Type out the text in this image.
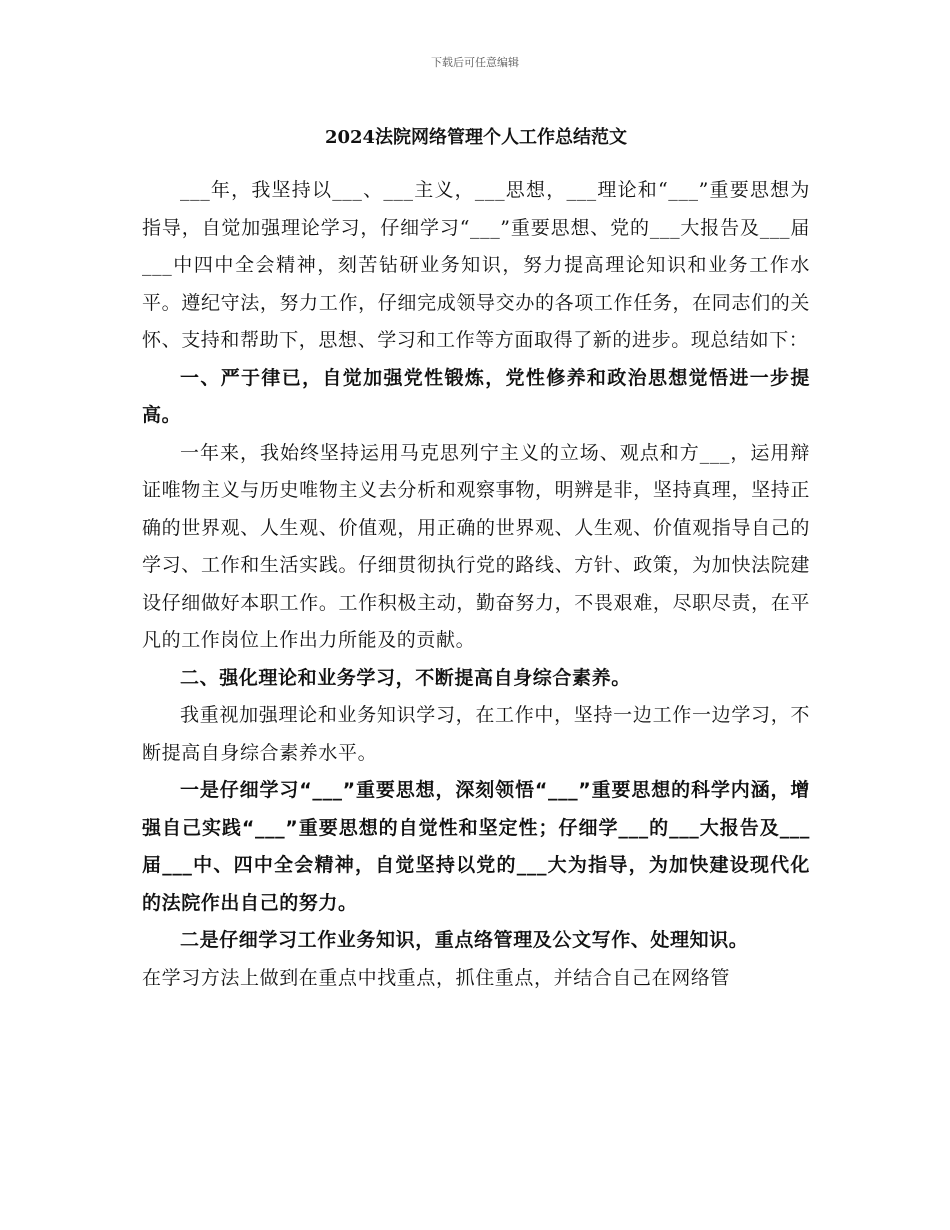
下载后可任意编辑
2024法院网络管理个人工作总结范文

___年，我坚持以___、___主义，___思想，___理论和“___”重要思想为指导，自觉加强理论学习，仔细学习“___”重要思想、党的___大报告及___届___中四中全会精神，刻苦钻研业务知识，努力提高理论知识和业务工作水平。遵纪守法，努力工作，仔细完成领导交办的各项工作任务，在同志们的关怀、支持和帮助下，思想、学习和工作等方面取得了新的进步。现总结如下：

一、严于律已，自觉加强党性锻炼，党性修养和政治思想觉悟进一步提高。

一年来，我始终坚持运用马克思列宁主义的立场、观点和方___，运用辩证唯物主义与历史唯物主义去分析和观察事物，明辨是非，坚持真理，坚持正确的世界观、人生观、价值观，用正确的世界观、人生观、价值观指导自己的学习、工作和生活实践。仔细贯彻执行党的路线、方针、政策，为加快法院建设仔细做好本职工作。工作积极主动，勤奋努力，不畏艰难，尽职尽责，在平凡的工作岗位上作出力所能及的贡献。

二、强化理论和业务学习，不断提高自身综合素养。

我重视加强理论和业务知识学习，在工作中，坚持一边工作一边学习，不断提高自身综合素养水平。

一是仔细学习“___”重要思想，深刻领悟“___”重要思想的科学内涵，增强自己实践“___”重要思想的自觉性和坚定性；仔细学___的___大报告及___届___中、四中全会精神，自觉坚持以党的___大为指导，为加快建设现代化的法院作出自己的努力。

二是仔细学习工作业务知识，重点络管理及公文写作、处理知识。

在学习方法上做到在重点中找重点，抓住重点，并结合自己在网络管
